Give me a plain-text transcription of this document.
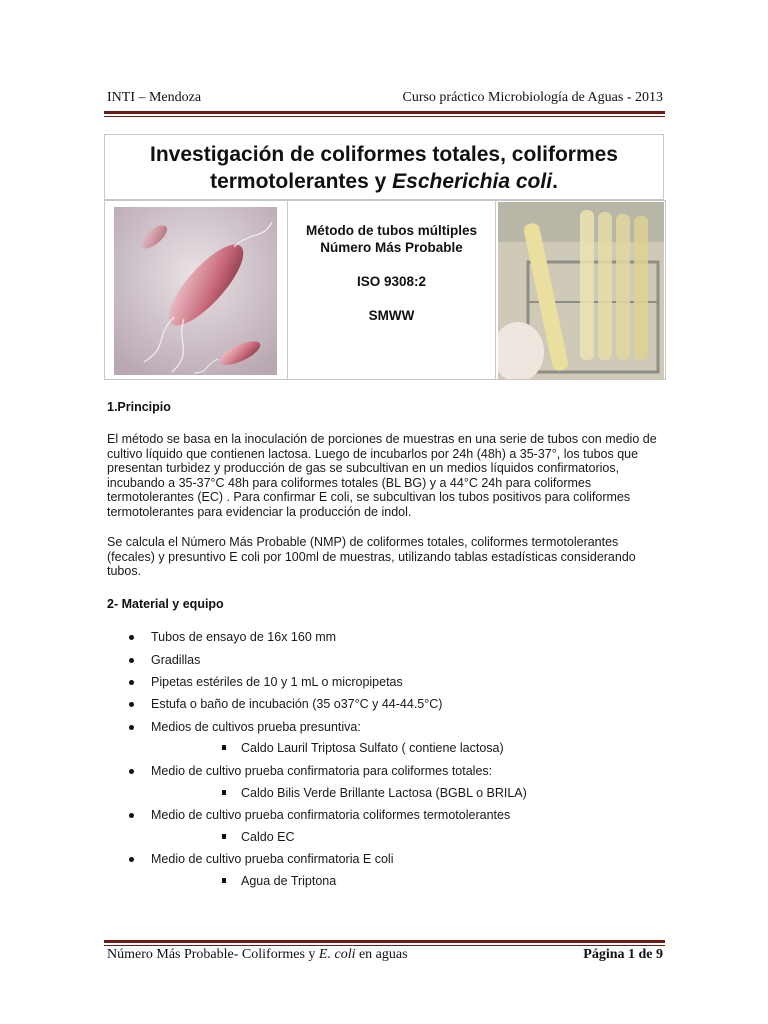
INTI – Mendoza	Curso práctico Microbiología de Aguas - 2013
Investigación de coliformes totales, coliformes
termotolerantes y Escherichia coli.
Método de tubos múltiples
Número Más Probable
ISO 9308:2
SMWW
1.Principio
El método se basa en la inoculación de porciones de muestras en una serie de tubos con medio de
cultivo líquido que contienen lactosa. Luego de incubarlos por 24h (48h) a 35-37°, los tubos que
presentan turbidez y producción de gas se subcultivan en un medios líquidos confirmatorios,
incubando a 35-37°C 48h para coliformes totales (BL BG) y a 44°C 24h para coliformes
termotolerantes (EC) . Para confirmar E coli, se subcultivan los tubos positivos para coliformes
termotolerantes para evidenciar la producción de indol.
Se calcula el Número Más Probable (NMP) de coliformes totales, coliformes termotolerantes
(fecales) y presuntivo E coli por 100ml de muestras, utilizando tablas estadísticas considerando
tubos.
2- Material y equipo
Tubos de ensayo de 16x 160 mm
Gradillas
Pipetas estériles de 10 y 1 mL o micropipetas
Estufa o baño de incubación (35 o37°C y 44-44.5°C)
Medios de cultivos prueba presuntiva:
Caldo Lauril Triptosa Sulfato ( contiene lactosa)
Medio de cultivo prueba confirmatoria para coliformes totales:
Caldo Bilis Verde Brillante Lactosa (BGBL o BRILA)
Medio de cultivo prueba confirmatoria coliformes termotolerantes
Caldo EC
Medio de cultivo prueba confirmatoria E coli
Agua de Triptona
Número Más Probable- Coliformes y E. coli en aguas	Página 1 de 9
